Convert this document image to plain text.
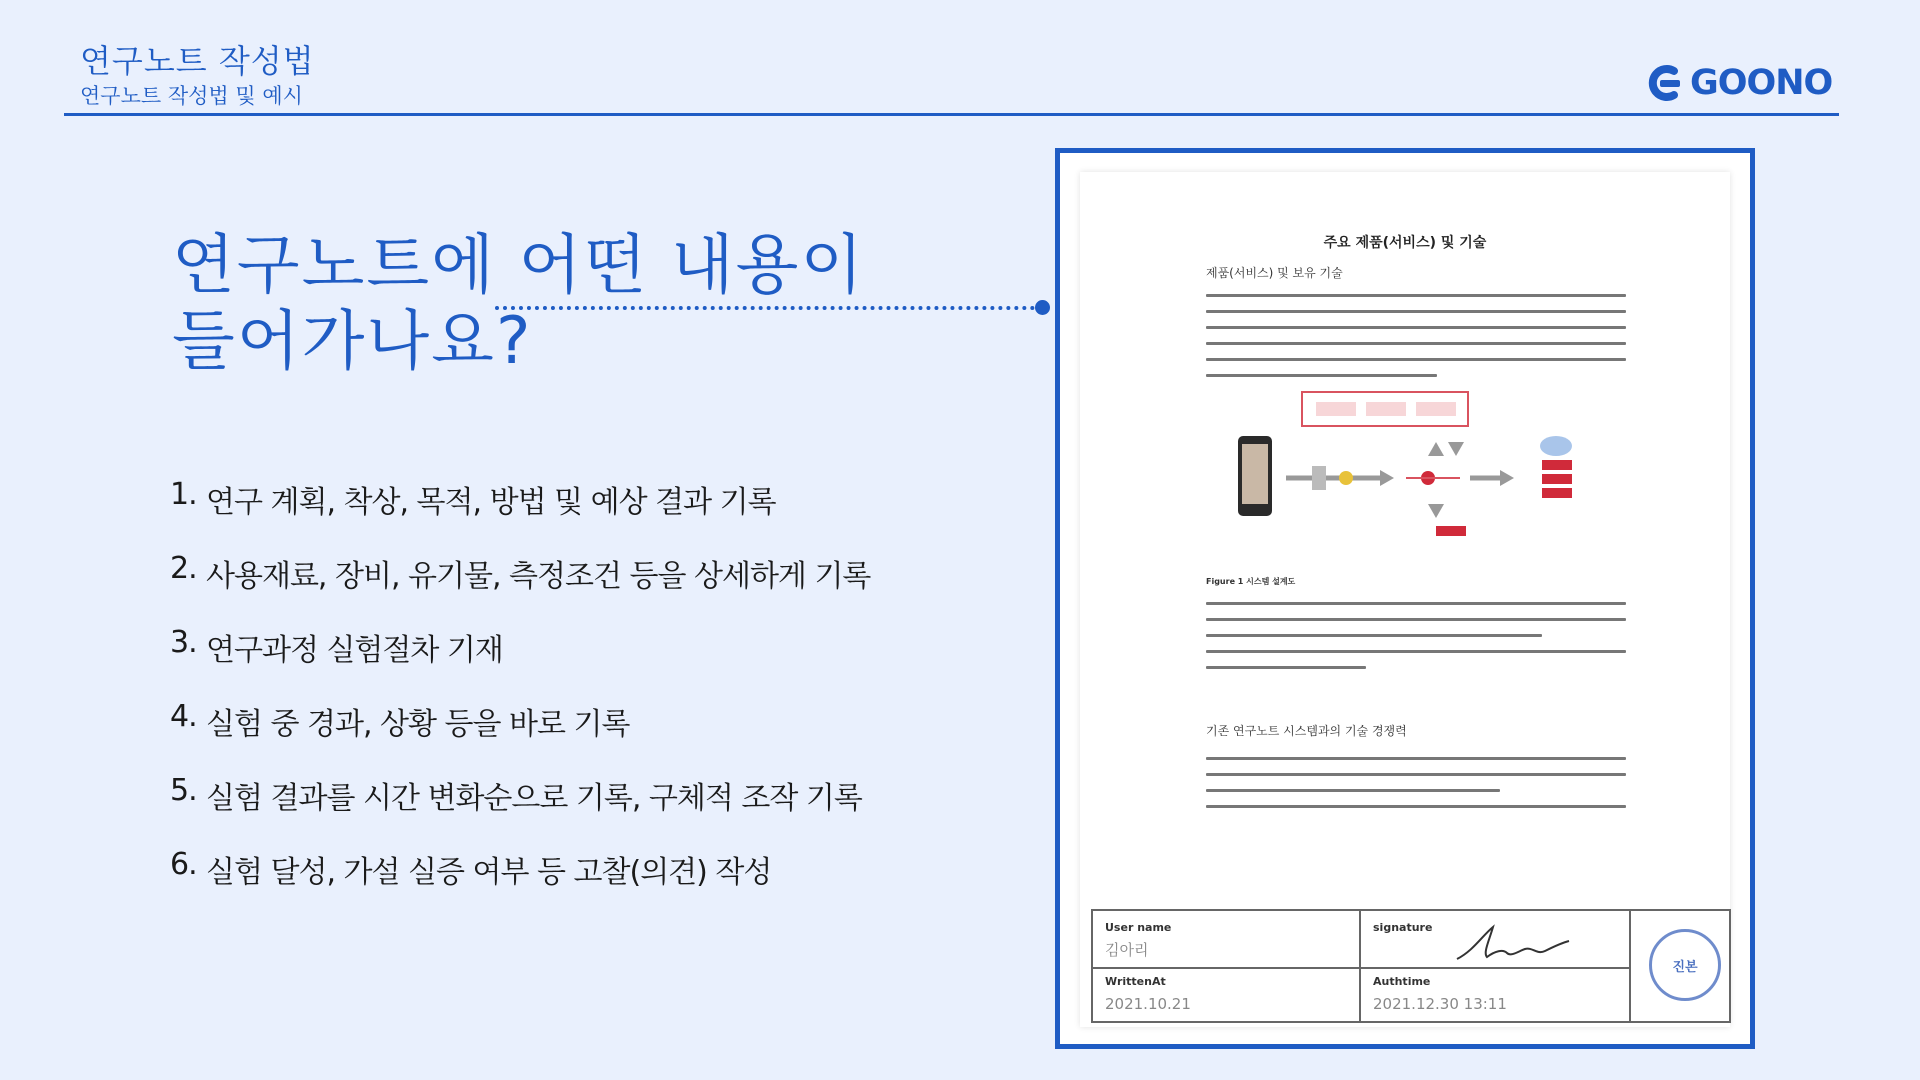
연구노트 작성법
연구노트 작성법 및 예시	GOONO
연구노트에 어떤 내용이
들어가나요?
1. 연구 계획, 착상, 목적, 방법 및 예상 결과 기록
2. 사용재료, 장비, 유기물, 측정조건 등을 상세하게 기록
3. 연구과정 실험절차 기재
4. 실험 중 경과, 상황 등을 바로 기록
5. 실험 결과를 시간 변화순으로 기록, 구체적 조작 기록
6. 실험 달성, 가설 실증 여부 등 고찰(의견) 작성
주요 제품(서비스) 및 기술
제품(서비스) 및 보유 기술
Figure 1 시스템 설계도
기존 연구노트 시스템과의 기술 경쟁력
User name
김아리
signature
WrittenAt
2021.10.21
Authtime
2021.12.30 13:11
진본
